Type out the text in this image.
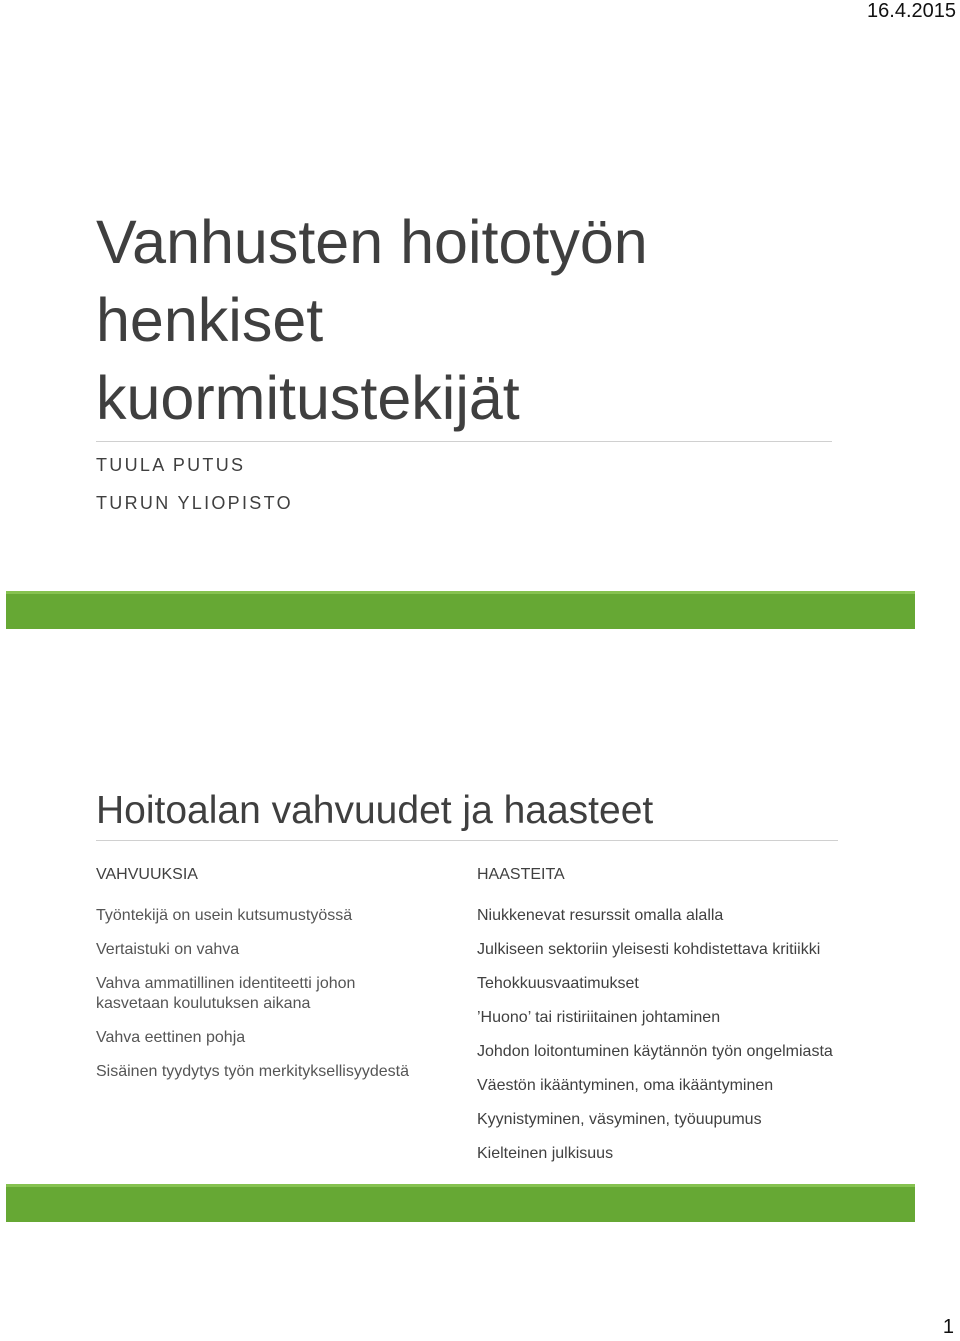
16.4.2015
Vanhusten hoitotyön
henkiset
kuormitustekijät
TUULA PUTUS
TURUN YLIOPISTO
Hoitoalan vahvuudet ja haasteet
VAHVUUKSIA
Työntekijä on usein kutsumustyössä
Vertaistuki on vahva
Vahva ammatillinen identiteetti johon kasvetaan koulutuksen aikana
Vahva eettinen pohja
Sisäinen tyydytys työn merkityksellisyydestä
HAASTEITA
Niukkenevat resurssit omalla alalla
Julkiseen sektoriin yleisesti kohdistettava kritiikki
Tehokkuusvaatimukset
’Huono’ tai ristiriitainen johtaminen
Johdon loitontuminen käytännön työn ongelmiasta
Väestön ikääntyminen, oma ikääntyminen
Kyynistyminen, väsyminen, työuupumus
Kielteinen julkisuus
1
